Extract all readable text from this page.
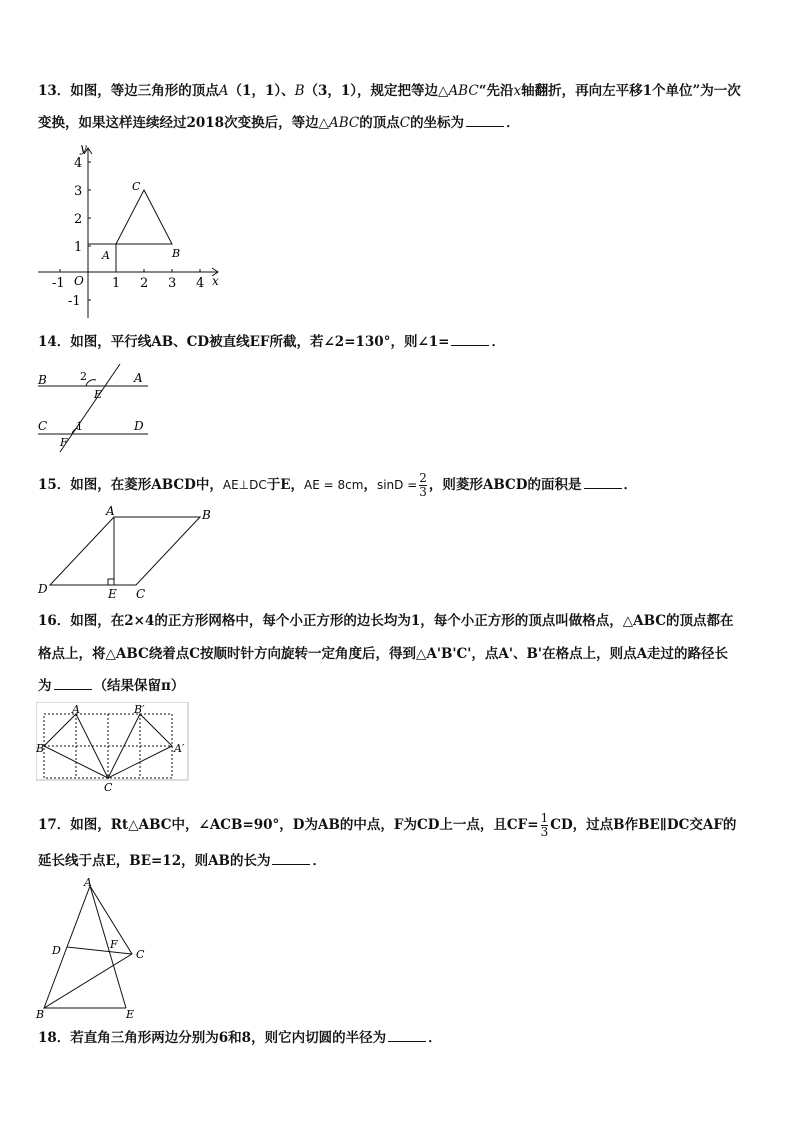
13．如图，等边三角形的顶点A（1，1）、B（3，1），规定把等边△ABC“先沿x轴翻折，再向左平移1个单位”为一次
变换，如果这样连续经过2018次变换后，等边△ABC的顶点C的坐标为	．
y
x
O
-1	1 2 3 4
4
3
2
1
-1
A	B
C
14．如图，平行线AB、CD被直线EF所截，若∠2=130°，则∠1=	．
B	A
2
E
C	1	D
F
15．如图，在菱形ABCD中，AE⊥DC于E，AE = 8cm，$\sin D = \frac{2}{3}$ ，则菱形ABCD的面积是	．
A	B
C
D	E
16．如图，在2×4的正方形网格中，每个小正方形的边长均为1，每个小正方形的顶点叫做格点，△ABC的顶点都在
格点上，将△ABC绕着点C按顺时针方向旋转一定角度后，得到△A'B'C'，点A'、B'在格点上，则点A走过的路径长
为	（结果保留π）
A	B′
B	A′
C
17．如图，Rt△ABC中，∠ACB=90°，D为AB的中点，F为CD上一点，且$CF= \frac{1}{3}$ CD，过点B作BE∥DC交AF的
延长线于点E，BE=12，则AB的长为	．
A
D	F
C
B	E
18．若直角三角形两边分别为6和8，则它内切圆的半径为	．
